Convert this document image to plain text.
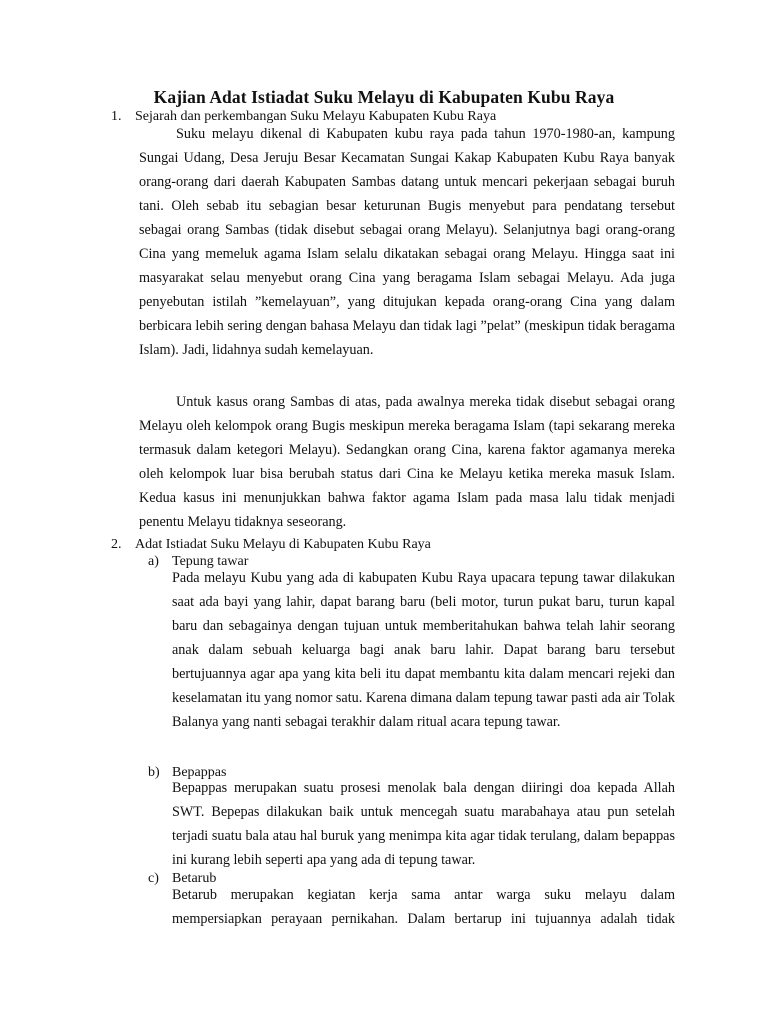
Kajian Adat Istiadat Suku Melayu di Kabupaten Kubu Raya
1. Sejarah dan perkembangan Suku Melayu Kabupaten Kubu Raya

Suku melayu dikenal di Kabupaten kubu raya pada tahun 1970-1980-an, kampung Sungai Udang, Desa Jeruju Besar Kecamatan Sungai Kakap Kabupaten Kubu Raya banyak orang-orang dari daerah Kabupaten Sambas datang untuk mencari pekerjaan sebagai buruh tani. Oleh sebab itu sebagian besar keturunan Bugis menyebut para pendatang tersebut sebagai orang Sambas (tidak disebut sebagai orang Melayu). Selanjutnya bagi orang-orang Cina yang memeluk agama Islam selalu dikatakan sebagai orang Melayu. Hingga saat ini masyarakat selau menyebut orang Cina yang beragama Islam sebagai Melayu. Ada juga penyebutan istilah ”kemelayuan”, yang ditujukan kepada orang-orang Cina yang dalam berbicara lebih sering dengan bahasa Melayu dan tidak lagi ”pelat” (meskipun tidak beragama Islam). Jadi, lidahnya sudah kemelayuan.

Untuk kasus orang Sambas di atas, pada awalnya mereka tidak disebut sebagai orang Melayu oleh kelompok orang Bugis meskipun mereka beragama Islam (tapi sekarang mereka termasuk dalam ketegori Melayu). Sedangkan orang Cina, karena faktor agamanya mereka oleh kelompok luar bisa berubah status dari Cina ke Melayu ketika mereka masuk Islam. Kedua kasus ini menunjukkan bahwa faktor agama Islam pada masa lalu tidak menjadi penentu Melayu tidaknya seseorang.

2. Adat Istiadat Suku Melayu di Kabupaten Kubu Raya
a) Tepung tawar

Pada melayu Kubu yang ada di kabupaten Kubu Raya upacara tepung tawar dilakukan saat ada bayi yang lahir, dapat barang baru (beli motor, turun pukat baru, turun kapal baru dan sebagainya dengan tujuan untuk memberitahukan bahwa telah lahir seorang anak dalam sebuah keluarga bagi anak baru lahir. Dapat barang baru tersebut bertujuannya agar apa yang kita beli itu dapat membantu kita dalam mencari rejeki dan keselamatan itu yang nomor satu. Karena dimana dalam tepung tawar pasti ada air Tolak Balanya yang nanti sebagai terakhir dalam ritual acara tepung tawar.

b) Bepappas

Bepappas merupakan suatu prosesi menolak bala dengan diiringi doa kepada Allah SWT. Bepepas dilakukan baik untuk mencegah suatu marabahaya atau pun setelah terjadi suatu bala atau hal buruk yang menimpa kita agar tidak terulang, dalam bepappas ini kurang lebih seperti apa yang ada di tepung tawar.

c) Betarub

Betarub merupakan kegiatan kerja sama antar warga suku melayu dalam mempersiapkan perayaan pernikahan. Dalam bertarup ini tujuannya adalah tidak
